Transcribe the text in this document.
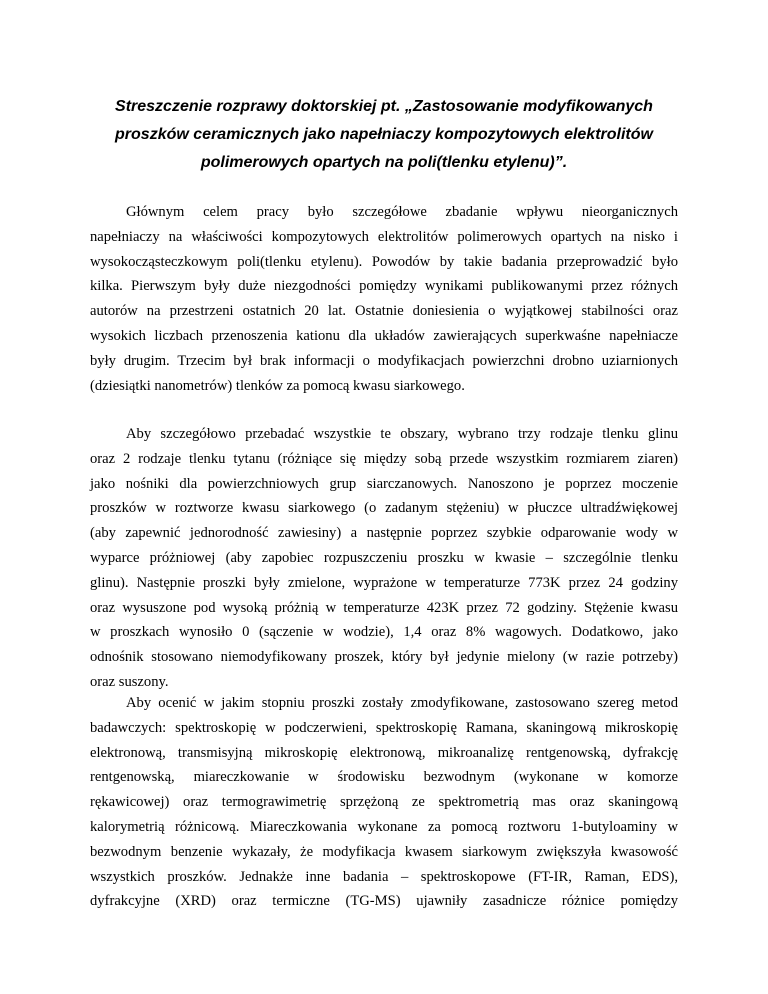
Streszczenie rozprawy doktorskiej pt. „Zastosowanie modyfikowanych
proszków ceramicznych jako napełniaczy kompozytowych elektrolitów
polimerowych opartych na poli(tlenku etylenu)”.
Głównym celem pracy było szczegółowe zbadanie wpływu nieorganicznych
napełniaczy na właściwości kompozytowych elektrolitów polimerowych opartych na nisko i
wysokocząsteczkowym poli(tlenku etylenu). Powodów by takie badania przeprowadzić było
kilka. Pierwszym były duże niezgodności pomiędzy wynikami publikowanymi przez różnych
autorów na przestrzeni ostatnich 20 lat. Ostatnie doniesienia o wyjątkowej stabilności oraz
wysokich liczbach przenoszenia kationu dla układów zawierających superkwaśne napełniacze
były drugim. Trzecim był brak informacji o modyfikacjach powierzchni drobno uziarnionych
(dziesiątki nanometrów) tlenków za pomocą kwasu siarkowego.
Aby szczegółowo przebadać wszystkie te obszary, wybrano trzy rodzaje tlenku glinu
oraz 2 rodzaje tlenku tytanu (różniące się między sobą przede wszystkim rozmiarem ziaren)
jako nośniki dla powierzchniowych grup siarczanowych. Nanoszono je poprzez moczenie
proszków w roztworze kwasu siarkowego (o zadanym stężeniu) w płuczce ultradźwiękowej
(aby zapewnić jednorodność zawiesiny) a następnie poprzez szybkie odparowanie wody w
wyparce próżniowej (aby zapobiec rozpuszczeniu proszku w kwasie – szczególnie tlenku
glinu). Następnie proszki były zmielone, wyprażone w temperaturze 773K przez 24 godziny
oraz wysuszone pod wysoką próżnią w temperaturze 423K przez 72 godziny. Stężenie kwasu
w proszkach wynosiło 0 (sączenie w wodzie), 1,4 oraz 8% wagowych. Dodatkowo, jako
odnośnik stosowano niemodyfikowany proszek, który był jedynie mielony (w razie potrzeby)
oraz suszony.
Aby ocenić w jakim stopniu proszki zostały zmodyfikowane, zastosowano szereg metod
badawczych: spektroskopię w podczerwieni, spektroskopię Ramana, skaningową mikroskopię
elektronową, transmisyjną mikroskopię elektronową, mikroanalizę rentgenowską, dyfrakcję
rentgenowską, miareczkowanie w środowisku bezwodnym (wykonane w komorze
rękawicowej) oraz termograwimetrię sprzężoną ze spektrometrią mas oraz skaningową
kalorymetrią różnicową. Miareczkowania wykonane za pomocą roztworu 1-butyloaminy w
bezwodnym benzenie wykazały, że modyfikacja kwasem siarkowym zwiększyła kwasowość
wszystkich proszków. Jednakże inne badania – spektroskopowe (FT-IR, Raman, EDS),
dyfrakcyjne (XRD) oraz termiczne (TG-MS) ujawniły zasadnicze różnice pomiędzy
